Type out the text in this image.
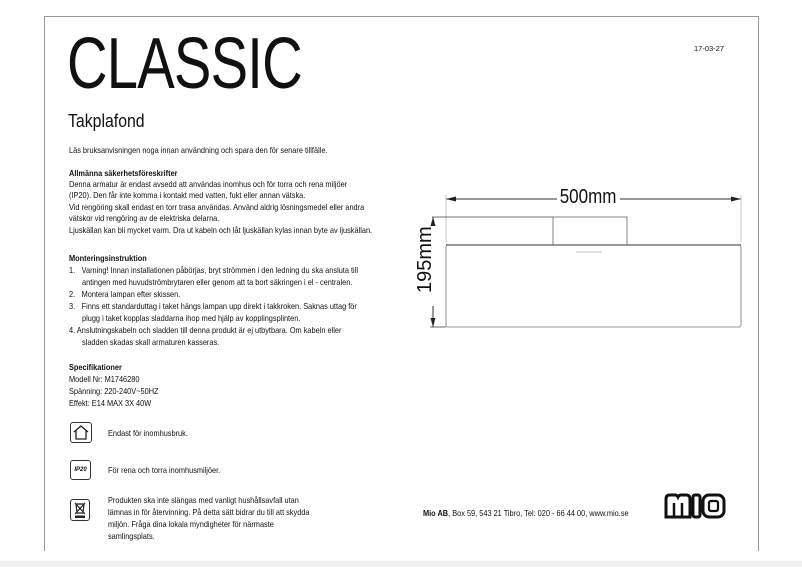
CLASSIC
Takplafond
17-03-27
Läs bruksanvisningen noga innan användning och spara den för senare tillfälle.
Allmänna säkerhetsföreskrifter
Denna armatur är endast avsedd att användas inomhus och för torra och rena miljöer
(IP20). Den får inte komma i kontakt med vatten, fukt eller annan vätska.
Vid rengöring skall endast en torr trasa användas. Använd aldrig lösningsmedel eller andra
vätskor vid rengöring av de elektriska delarna.
Ljuskällan kan bli mycket varm. Dra ut kabeln och låt ljuskällan kylas innan byte av ljuskällan.
Monteringsinstruktion
1. Varning! Innan installationen påbörjas, bryt strömmen i den ledning du ska ansluta till
antingen med huvudströmbrytaren eller genom att ta bort säkringen i el - centralen.
2. Montera lampan efter skissen.
3. Finns ett standarduttag i taket hängs lampan upp direkt i takkroken. Saknas uttag för
plugg i taket kopplas sladdarna ihop med hjälp av kopplingsplinten.
4. Anslutningskabeln och sladden till denna produkt är ej utbytbara. Om kabeln eller
sladden skadas skall armaturen kasseras.
Specifikationer
Modell Nr: M1746280
Spänning: 220-240V~50HZ
Effekt: E14 MAX 3X 40W
Endast för inomhusbruk.
IP20	För rena och torra inomhusmiljöer.
Produkten ska inte slängas med vanligt hushållsavfall utan
lämnas in för återvinning. På detta sätt bidrar du till att skydda
miljön. Fråga dina lokala myndigheter för närmaste
samlingsplats.
500mm
195mm
Mio AB, Box 59, 543 21 Tibro, Tel: 020 - 66 44 00, www.mio.se
